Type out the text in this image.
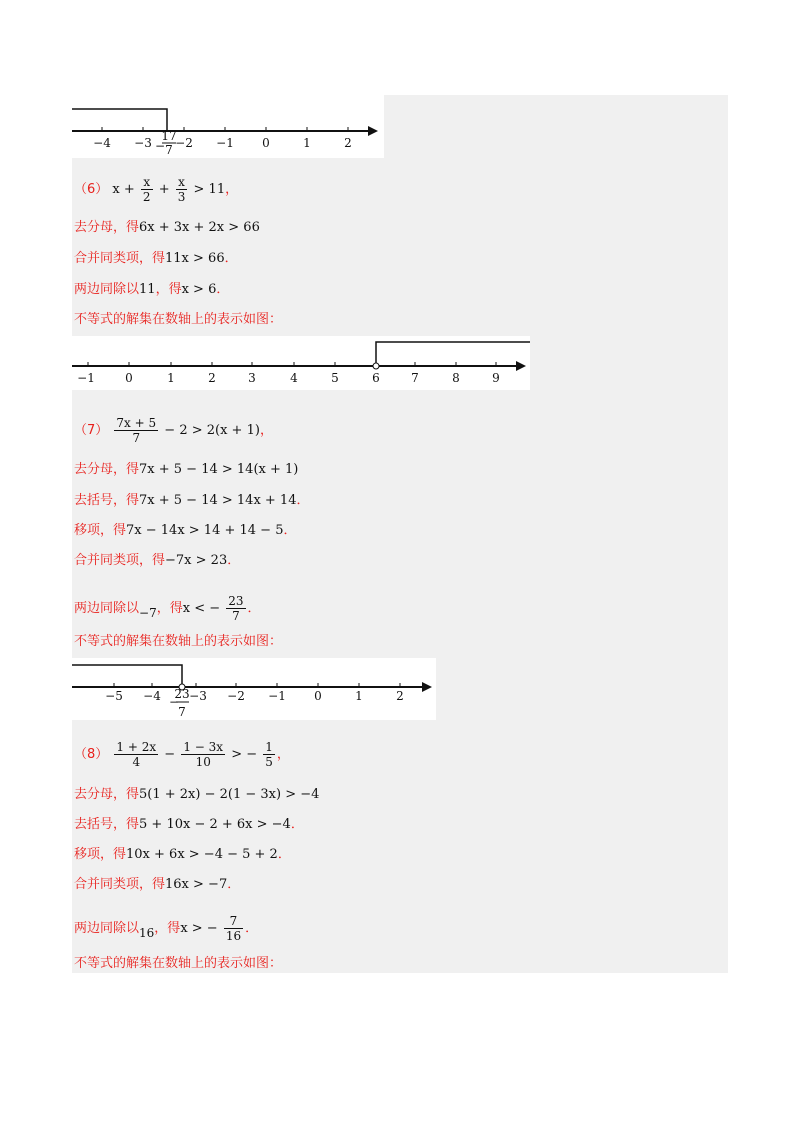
−4 −3 −2 −1 0	1	2
−
17
7
（6） $x + \frac{x}{2} + \frac{x}{3} > 11$，
去分母，得6x + 3x + 2x > 66
合并同类项，得11x > 66．
两边同除以11，得x > 6．
不等式的解集在数轴上的表示如图：
−1	0	1	2	3	4	5	6	7	8	9
$(7) \frac{7x + 5}{7} - 2 > 2(x + 1)$，
去分母，得7x + 5 − 14 > 14(x + 1)
去括号，得7x + 5 − 14 > 14x + 14．
移项，得7x − 14x > 14 + 14 − 5．
合并同类项，得−7x > 23．
两边同除以−7，得x < − $\frac{23}{7}$ ．
不等式的解集在数轴上的表示如图：
−5 −4 −3 −2 −1 0	1	2
−
23
7
$(8) \frac{1 + 2x}{4} - \frac{1 - 3x}{10}$ > − $\frac{1}{5}$ ，
去分母，得5(1 + 2x) − 2(1 − 3x) > −4
去括号，得5 + 10x − 2 + 6x > −4．
移项，得10x + 6x > −4 − 5 + 2．
合并同类项，得16x > −7．
两边同除以16，得x > − $\frac{7}{16}$ ．
不等式的解集在数轴上的表示如图：
